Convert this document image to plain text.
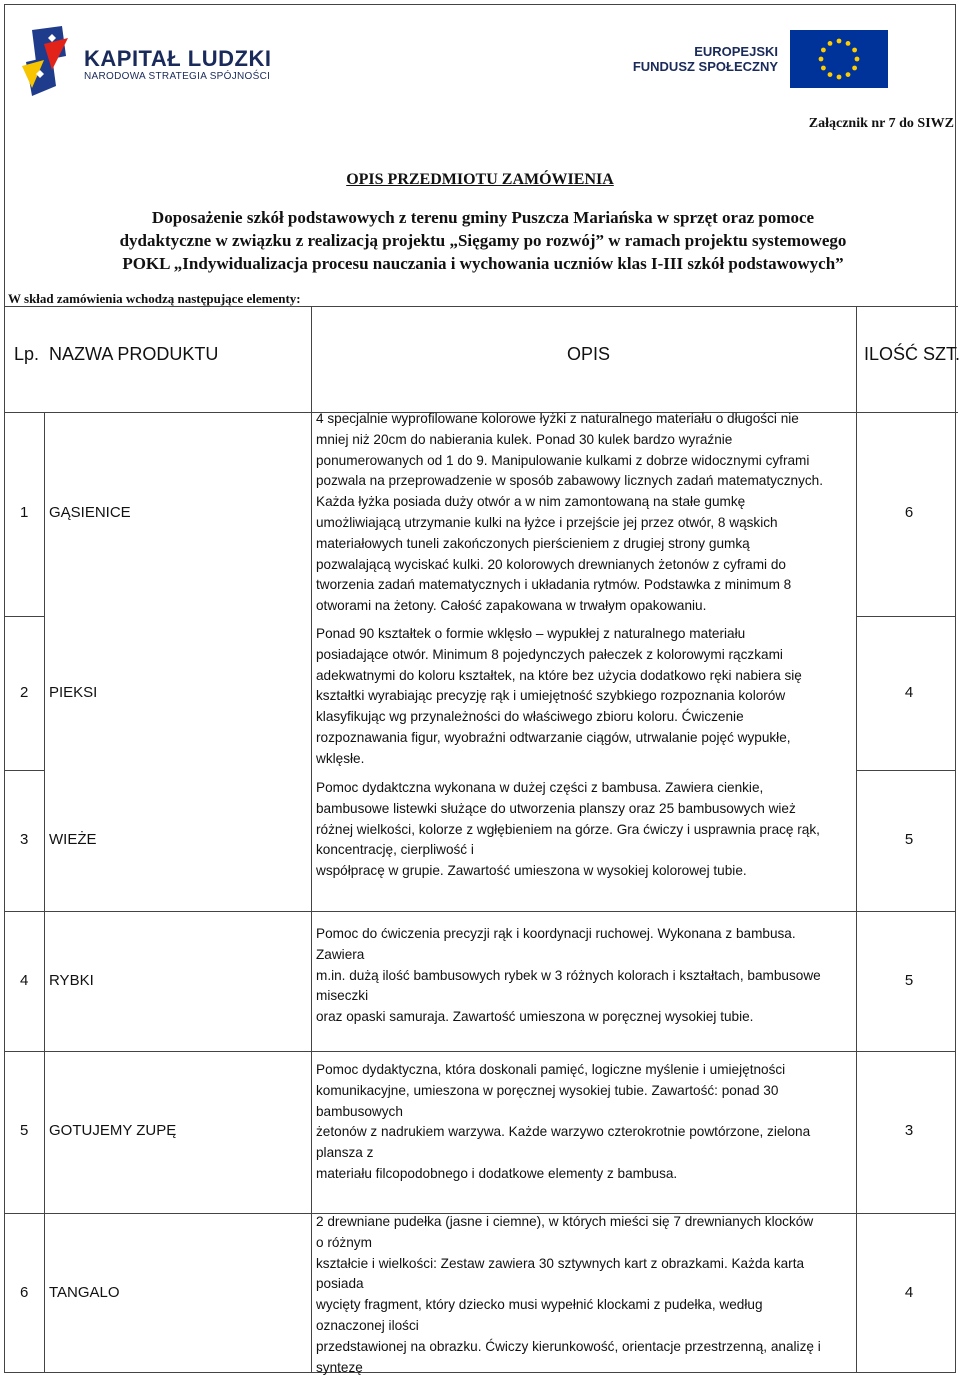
KAPITAŁ LUDZKI
NARODOWA STRATEGIA SPÓJNOŚCI
EUROPEJSKI
FUNDUSZ SPOŁECZNY
Załącznik nr 7 do SIWZ
OPIS PRZEDMIOTU ZAMÓWIENIA
Doposażenie szkół podstawowych z terenu gminy Puszcza Mariańska w sprzęt oraz pomoce
dydaktyczne w związku z realizacją projektu „Sięgamy po rozwój” w ramach projektu systemowego
POKL „Indywidualizacja procesu nauczania i wychowania uczniów klas I-III szkół podstawowych”
W skład zamówienia wchodzą następujące elementy:
Lp. NAZWA PRODUKTU	OPIS	ILOŚĆ SZT.
1 GĄSIENICE
4 specjalnie wyprofilowane kolorowe łyżki z naturalnego materiału o długości nie
mniej niż 20cm do nabierania kulek. Ponad 30 kulek bardzo wyraźnie
ponumerowanych od 1 do 9. Manipulowanie kulkami z dobrze widocznymi cyframi
pozwala na przeprowadzenie w sposób zabawowy licznych zadań matematycznych.
Każda łyżka posiada duży otwór a w nim zamontowaną na stałe gumkę
umożliwiającą utrzymanie kulki na łyżce i przejście jej przez otwór, 8 wąskich
materiałowych tuneli zakończonych pierścieniem z drugiej strony gumką
pozwalającą wyciskać kulki. 20 kolorowych drewnianych żetonów z cyframi do
tworzenia zadań matematycznych i układania rytmów. Podstawka z minimum 8
otworami na żetony. Całość zapakowana w trwałym opakowaniu.
6
2 PIEKSI
Ponad 90 kształtek o formie wklęsło – wypukłej z naturalnego materiału
posiadające otwór. Minimum 8 pojedynczych pałeczek z kolorowymi rączkami
adekwatnymi do koloru kształtek, na które bez użycia dodatkowo ręki nabiera się
kształtki wyrabiając precyzję rąk i umiejętność szybkiego rozpoznania kolorów
klasyfikując wg przynależności do właściwego zbioru koloru. Ćwiczenie
rozpoznawania figur, wyobraźni odtwarzanie ciągów, utrwalanie pojęć wypukłe,
wklęsłe.
4
3 WIEŻE
Pomoc dydaktczna wykonana w dużej części z bambusa. Zawiera cienkie,
bambusowe listewki służące do utworzenia planszy oraz 25 bambusowych wież
różnej wielkości, kolorze z wgłębieniem na górze. Gra ćwiczy i usprawnia pracę rąk,
koncentrację, cierpliwość i
współpracę w grupie. Zawartość umieszona w wysokiej kolorowej tubie.
5
4 RYBKI
Pomoc do ćwiczenia precyzji rąk i koordynacji ruchowej. Wykonana z bambusa.
Zawiera
m.in. dużą ilość bambusowych rybek w 3 różnych kolorach i kształtach, bambusowe
miseczki
oraz opaski samuraja. Zawartość umieszona w poręcznej wysokiej tubie.
5
5 GOTUJEMY ZUPĘ
Pomoc dydaktyczna, która doskonali pamięć, logiczne myślenie i umiejętności
komunikacyjne, umieszona w poręcznej wysokiej tubie. Zawartość: ponad 30
bambusowych
żetonów z nadrukiem warzywa. Każde warzywo czterokrotnie powtórzone, zielona
plansza z
materiału filcopodobnego i dodatkowe elementy z bambusa.
3
6 TANGALO
2 drewniane pudełka (jasne i ciemne), w których mieści się 7 drewnianych klocków
o różnym
kształcie i wielkości: Zestaw zawiera 30 sztywnych kart z obrazkami. Każda karta
posiada
wycięty fragment, który dziecko musi wypełnić klockami z pudełka, według
oznaczonej ilości
przedstawionej na obrazku. Ćwiczy kierunkowość, orientacje przestrzenną, analizę i
syntezę
4
